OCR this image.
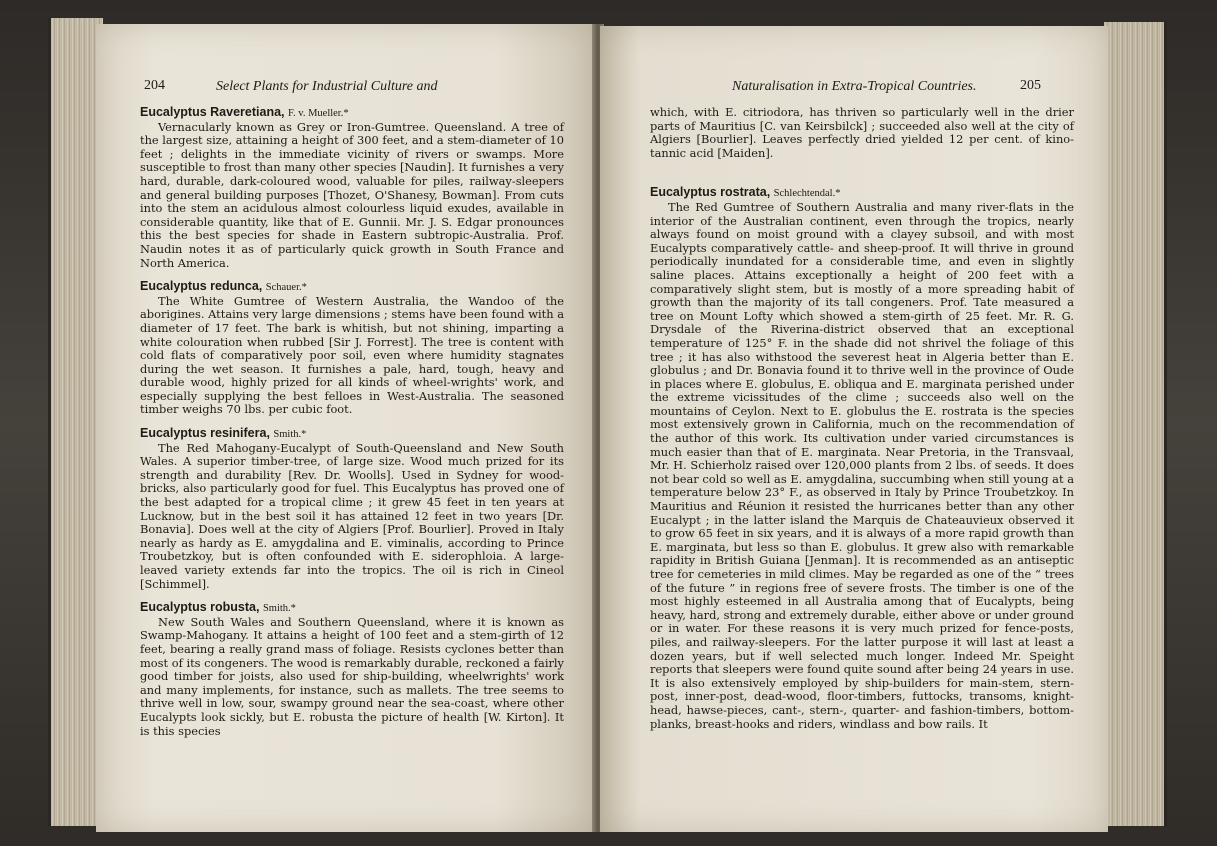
204	Select Plants for Industrial Culture and

Eucalyptus Raveretiana, F. v. Mueller.*

Vernacularly known as Grey or Iron-Gumtree. Queensland. A tree of the largest size, attaining a height of 300 feet, and a stem-diameter of 10 feet ; delights in the immediate vicinity of rivers or swamps. More susceptible to frost than many other species [Naudin]. It furnishes a very hard, durable, dark-coloured wood, valuable for piles, railway-sleepers and general building purposes [Thozet, O'Shanesy, Bowman]. From cuts into the stem an acidulous almost colourless liquid exudes, available in considerable quantity, like that of E. Gunnii. Mr. J. S. Edgar pronounces this the best species for shade in Eastern subtropic-Australia. Prof. Naudin notes it as of particularly quick growth in South France and North America.

Eucalyptus redunca, Schauer.*

The White Gumtree of Western Australia, the Wandoo of the aborigines. Attains very large dimensions ; stems have been found with a diameter of 17 feet. The bark is whitish, but not shining, imparting a white colouration when rubbed [Sir J. Forrest]. The tree is content with cold flats of comparatively poor soil, even where humidity stagnates during the wet season. It furnishes a pale, hard, tough, heavy and durable wood, highly prized for all kinds of wheel-wrights' work, and especially supplying the best felloes in West-Australia. The seasoned timber weighs 70 lbs. per cubic foot.

Eucalyptus resinifera, Smith.*

The Red Mahogany-Eucalypt of South-Queensland and New South Wales. A superior timber-tree, of large size. Wood much prized for its strength and durability [Rev. Dr. Woolls]. Used in Sydney for wood-bricks, also particularly good for fuel. This Eucalyptus has proved one of the best adapted for a tropical clime ; it grew 45 feet in ten years at Lucknow, but in the best soil it has attained 12 feet in two years [Dr. Bonavia]. Does well at the city of Algiers [Prof. Bourlier]. Proved in Italy nearly as hardy as E. amygdalina and E. viminalis, according to Prince Troubetzkoy, but is often confounded with E. siderophloia. A large-leaved variety extends far into the tropics. The oil is rich in Cineol [Schimmel].

Eucalyptus robusta, Smith.*

New South Wales and Southern Queensland, where it is known as Swamp-Mahogany. It attains a height of 100 feet and a stem-girth of 12 feet, bearing a really grand mass of foliage. Resists cyclones better than most of its congeners. The wood is remarkably durable, reckoned a fairly good timber for joists, also used for ship-building, wheelwrights' work and many implements, for instance, such as mallets. The tree seems to thrive well in low, sour, swampy ground near the sea-coast, where other Eucalypts look sickly, but E. robusta the picture of health [W. Kirton]. It is this species

Naturalisation in Extra-Tropical Countries.	205

which, with E. citriodora, has thriven so particularly well in the drier parts of Mauritius [C. van Keirsbilck] ; succeeded also well at the city of Algiers [Bourlier]. Leaves perfectly dried yielded 12 per cent. of kino-tannic acid [Maiden].

Eucalyptus rostrata, Schlechtendal.*

The Red Gumtree of Southern Australia and many river-flats in the interior of the Australian continent, even through the tropics, nearly always found on moist ground with a clayey subsoil, and with most Eucalypts comparatively cattle- and sheep-proof. It will thrive in ground periodically inundated for a considerable time, and even in slightly saline places. Attains exceptionally a height of 200 feet with a comparatively slight stem, but is mostly of a more spreading habit of growth than the majority of its tall congeners. Prof. Tate measured a tree on Mount Lofty which showed a stem-girth of 25 feet. Mr. R. G. Drysdale of the Riverina-district observed that an exceptional temperature of 125° F. in the shade did not shrivel the foliage of this tree ; it has also withstood the severest heat in Algeria better than E. globulus ; and Dr. Bonavia found it to thrive well in the province of Oude in places where E. globulus, E. obliqua and E. marginata perished under the extreme vicissitudes of the clime ; succeeds also well on the mountains of Ceylon. Next to E. globulus the E. rostrata is the species most extensively grown in California, much on the recommendation of the author of this work. Its cultivation under varied circumstances is much easier than that of E. marginata. Near Pretoria, in the Transvaal, Mr. H. Schierholz raised over 120,000 plants from 2 lbs. of seeds. It does not bear cold so well as E. amygdalina, succumbing when still young at a temperature below 23° F., as observed in Italy by Prince Troubetzkoy. In Mauritius and Réunion it resisted the hurricanes better than any other Eucalypt ; in the latter island the Marquis de Chateauvieux observed it to grow 65 feet in six years, and it is always of a more rapid growth than E. marginata, but less so than E. globulus. It grew also with remarkable rapidity in British Guiana [Jenman]. It is recommended as an antiseptic tree for cemeteries in mild climes. May be regarded as one of the “ trees of the future ” in regions free of severe frosts. The timber is one of the most highly esteemed in all Australia among that of Eucalypts, being heavy, hard, strong and extremely durable, either above or under ground or in water. For these reasons it is very much prized for fence-posts, piles, and railway-sleepers. For the latter purpose it will last at least a dozen years, but if well selected much longer. Indeed Mr. Speight reports that sleepers were found quite sound after being 24 years in use. It is also extensively employed by ship-builders for main-stem, stern-post, inner-post, dead-wood, floor-timbers, futtocks, transoms, knight-head, hawse-pieces, cant-, stern-, quarter- and fashion-timbers, bottom-planks, breast-hooks and riders, windlass and bow rails. It
